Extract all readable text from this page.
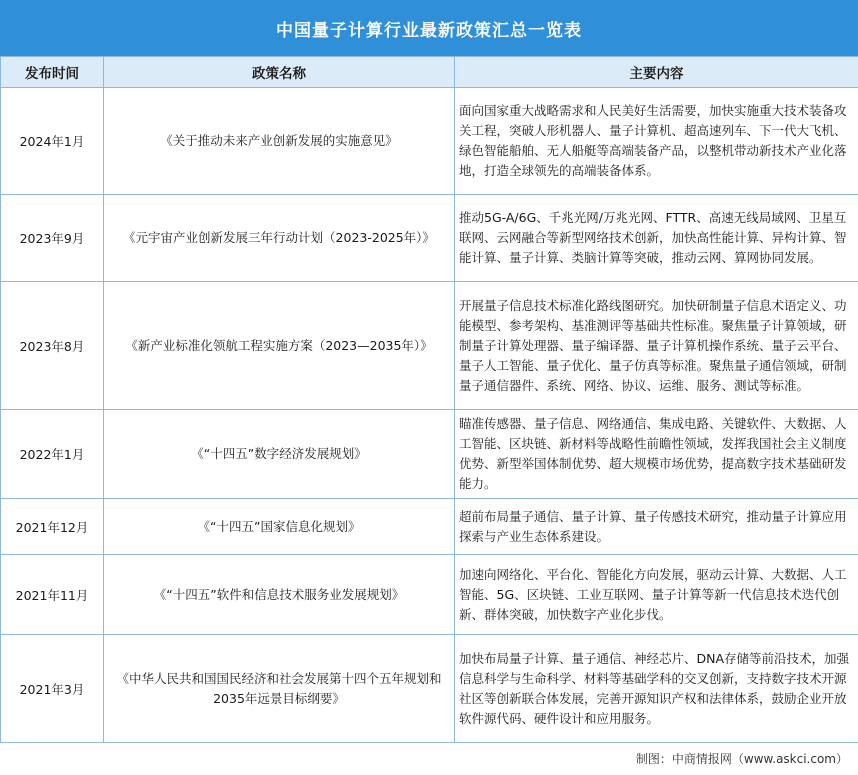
中国量子计算行业最新政策汇总一览表
发布时间	政策名称	主要内容
2024年1月	《关于推动未来产业创新发展的实施意见》	面向国家重大战略需求和人民美好生活需要，加快实施重大技术装备攻关工程，突破人形机器人、量子计算机、超高速列车、下一代大飞机、绿色智能船舶、无人船艇等高端装备产品，以整机带动新技术产业化落地，打造全球领先的高端装备体系。
2023年9月	《元宇宙产业创新发展三年行动计划（2023-2025年）》	推动5G-A/6G、千兆光网/万兆光网、FTTR、高速无线局域网、卫星互联网、云网融合等新型网络技术创新，加快高性能计算、异构计算、智能计算、量子计算、类脑计算等突破，推动云网、算网协同发展。
2023年8月	《新产业标准化领航工程实施方案（2023—2035年）》	开展量子信息技术标准化路线图研究。加快研制量子信息术语定义、功能模型、参考架构、基准测评等基础共性标准。聚焦量子计算领域，研制量子计算处理器、量子编译器、量子计算机操作系统、量子云平台、量子人工智能、量子优化、量子仿真等标准。聚焦量子通信领域，研制量子通信器件、系统、网络、协议、运维、服务、测试等标准。
2022年1月	《“十四五”数字经济发展规划》	瞄准传感器、量子信息、网络通信、集成电路、关键软件、大数据、人工智能、区块链、新材料等战略性前瞻性领域，发挥我国社会主义制度优势、新型举国体制优势、超大规模市场优势，提高数字技术基础研发能力。
2021年12月	《“十四五”国家信息化规划》	超前布局量子通信、量子计算、量子传感技术研究，推动量子计算应用探索与产业生态体系建设。
2021年11月	《“十四五”软件和信息技术服务业发展规划》	加速向网络化、平台化、智能化方向发展，驱动云计算、大数据、人工智能、5G、区块链、工业互联网、量子计算等新一代信息技术迭代创新、群体突破，加快数字产业化步伐。
2021年3月	《中华人民共和国国民经济和社会发展第十四个五年规划和2035年远景目标纲要》	加快布局量子计算、量子通信、神经芯片、DNA存储等前沿技术，加强信息科学与生命科学、材料等基础学科的交叉创新，支持数字技术开源社区等创新联合体发展，完善开源知识产权和法律体系，鼓励企业开放软件源代码、硬件设计和应用服务。
制图：中商情报网（www.askci.com）
